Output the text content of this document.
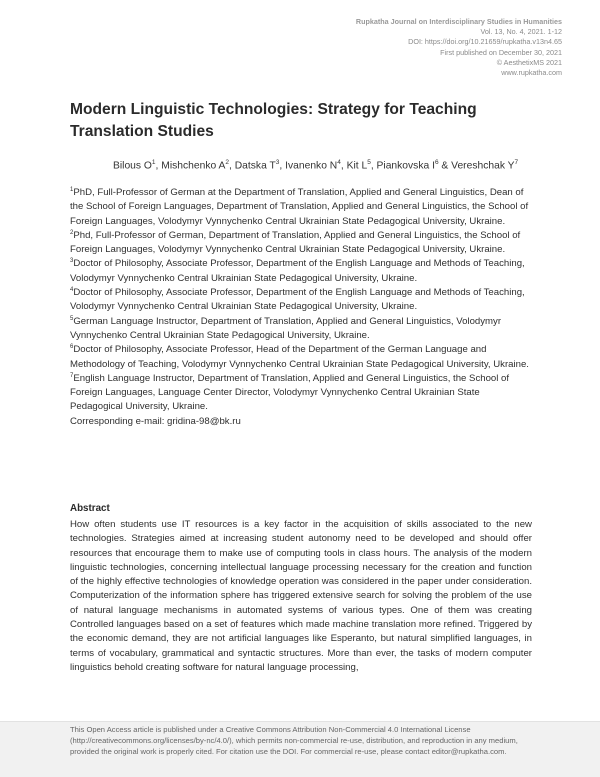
Rupkatha Journal on Interdisciplinary Studies in Humanities
Vol. 13, No. 4, 2021. 1-12
DOI: https://doi.org/10.21659/rupkatha.v13n4.65
First published on December 30, 2021
© AesthetixMS 2021
www.rupkatha.com
Modern Linguistic Technologies: Strategy for Teaching Translation Studies
Bilous $O^1$, Mishchenko $A^2$, Datska $T^3$, Ivanenko $N^4$, Kit $L^5$, Piankovska $I^6$ & Vereshchak $Y^7$

$^1$PhD, Full-Professor of German at the Department of Translation, Applied and General Linguistics, Dean of the School of Foreign Languages, Department of Translation, Applied and General Linguistics, the School of Foreign Languages, Volodymyr Vynnychenko Central Ukrainian State Pedagogical University, Ukraine.

$^2$Phd, Full-Professor of German, Department of Translation, Applied and General Linguistics, the School of Foreign Languages, Volodymyr Vynnychenko Central Ukrainian State Pedagogical University, Ukraine.

$^3$Doctor of Philosophy, Associate Professor, Department of the English Language and Methods of Teaching, Volodymyr Vynnychenko Central Ukrainian State Pedagogical University, Ukraine.

$^4$Doctor of Philosophy, Associate Professor, Department of the English Language and Methods of Teaching, Volodymyr Vynnychenko Central Ukrainian State Pedagogical University, Ukraine.

$^5$German Language Instructor, Department of Translation, Applied and General Linguistics, Volodymyr Vynnychenko Central Ukrainian State Pedagogical University, Ukraine.

$^6$Doctor of Philosophy, Associate Professor, Head of the Department of the German Language and Methodology of Teaching, Volodymyr Vynnychenko Central Ukrainian State Pedagogical University, Ukraine.

$^7$English Language Instructor, Department of Translation, Applied and General Linguistics, the School of Foreign Languages, Language Center Director, Volodymyr Vynnychenko Central Ukrainian State Pedagogical University, Ukraine.

Corresponding e-mail: gridina-98@bk.ru

Abstract

How often students use IT resources is a key factor in the acquisition of skills associated to the new technologies. Strategies aimed at increasing student autonomy need to be developed and should offer resources that encourage them to make use of computing tools in class hours. The analysis of the modern linguistic technologies, concerning intellectual language processing necessary for the creation and function of the highly effective technologies of knowledge operation was considered in the paper under consideration. Computerization of the information sphere has triggered extensive search for solving the problem of the use of natural language mechanisms in automated systems of various types. One of them was creating Controlled languages based on a set of features which made machine translation more refined. Triggered by the economic demand, they are not artificial languages like Esperanto, but natural simplified languages, in terms of vocabulary, grammatical and syntactic structures. More than ever, the tasks of modern computer linguistics behold creating software for natural language processing,

This Open Access article is published under a Creative Commons Attribution Non-Commercial 4.0 International License (http://creativecommons.org/licenses/by-nc/4.0/), which permits non-commercial re-use, distribution, and reproduction in any medium, provided the original work is properly cited. For citation use the DOI. For commercial re-use, please contact editor@rupkatha.com.
